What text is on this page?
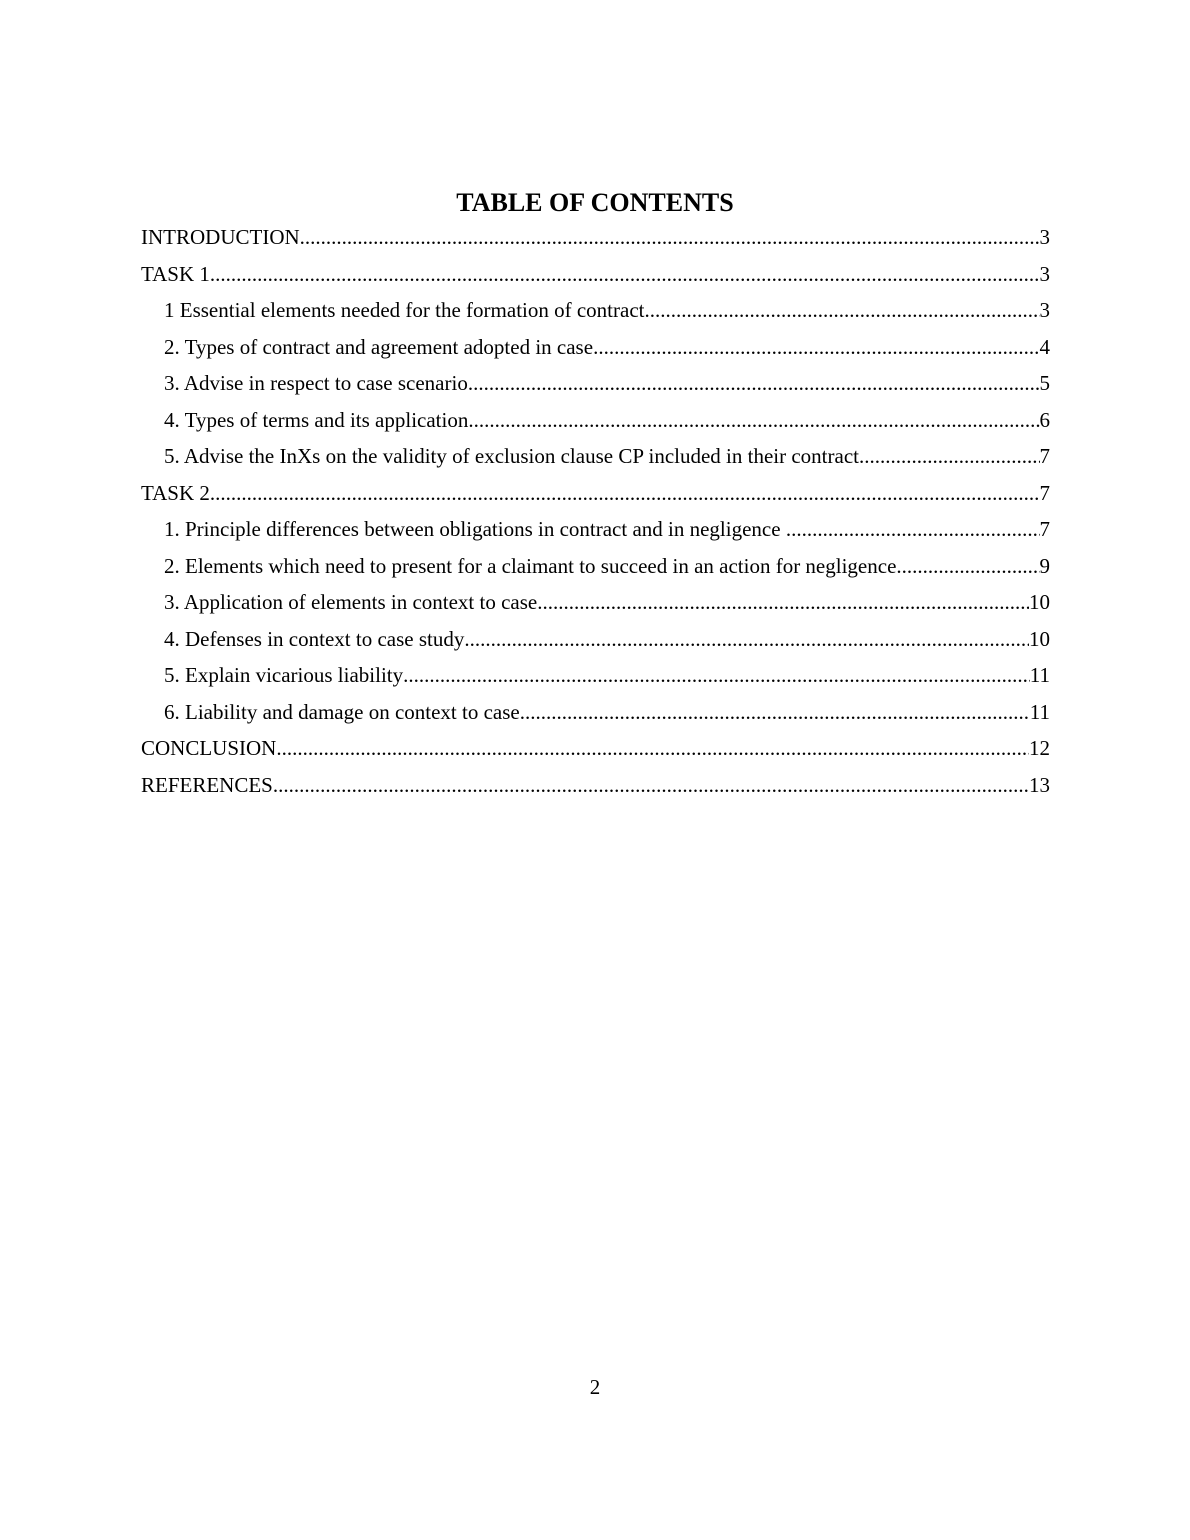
TABLE OF CONTENTS
INTRODUCTION .....	3
TASK 1 .....	3
1 Essential elements needed for the formation of contract .....	3
2. Types of contract and agreement adopted in case .....	4
3. Advise in respect to case scenario .....	5
4. Types of terms and its application .....	6
5. Advise the InXs on the validity of exclusion clause CP included in their contract .....	7
TASK 2 .....	7
1. Principle differences between obligations in contract and in negligence .....	7
2. Elements which need to present for a claimant to succeed in an action for negligence .....	9
3. Application of elements in context to case .....	10
4. Defenses in context to case study .....	10
5. Explain vicarious liability .....	11
6. Liability and damage on context to case .....	11
CONCLUSION .....	12
REFERENCES .....	13
2
